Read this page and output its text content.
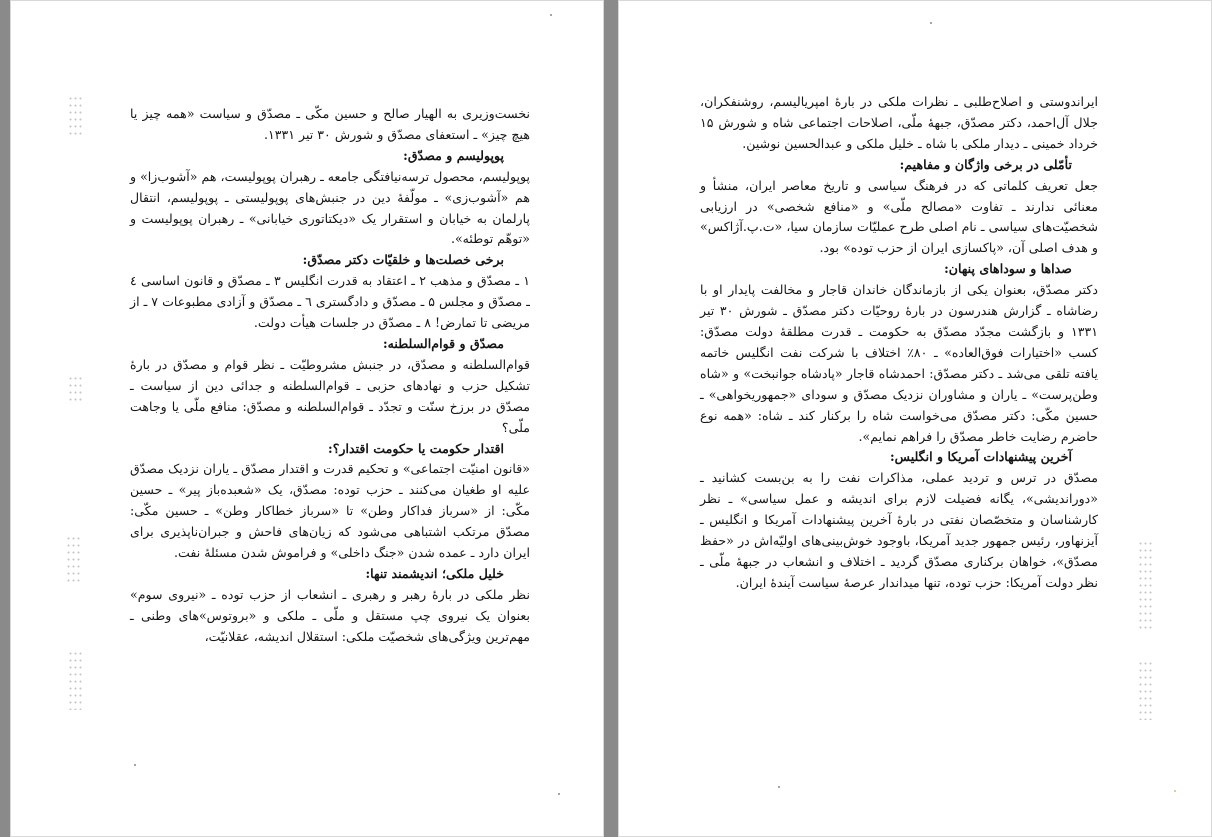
نخست‌وزیری به الهیار صالح و حسین مکّی ـ مصدّق و سیاست «همه چیز یا هیچ چیز» ـ استعفای مصدّق و شورش ۳۰ تیر ۱۳۳۱.

پوپولیسم و مصدّق:

پوپولیسم، محصول ترسه‌نیافتگی جامعه ـ رهبران پوپولیست، هم «آشوب‌زا» و هم «آشوب‌زی» ـ مولّفهٔ دین در جنبش‌های پوپولیستی ـ پوپولیسم، انتقال پارلمان به خیابان و استقرار یک «دیکتاتوری خیابانی» ـ رهبران پوپولیست و «توهّم توطئه».

برخی خصلت‌ها و خلقیّات دکتر مصدّق:

۱ ـ مصدّق و مذهب ۲ ـ اعتقاد به قدرت انگلیس ۳ ـ مصدّق و قانون اساسی ٤ ـ مصدّق و مجلس ۵ ـ مصدّق و دادگستری ٦ ـ مصدّق و آزادی مطبوعات ۷ ـ از مریضی تا تمارض! ۸ ـ مصدّق در جلسات هیأت دولت.

مصدّق و قوام‌السلطنه:

قوام‌السلطنه و مصدّق، در جنبش مشروطیّت ـ نظر قوام و مصدّق در بارهٔ تشکیل حزب و نهادهای حزبی ـ قوام‌السلطنه و جدائی دین از سیاست ـ مصدّق در برزخ سنّت و تجدّد ـ قوام‌السلطنه و مصدّق: منافع ملّی یا وجاهت ملّی؟

اقتدار حکومت یا حکومت اقتدار؟:

«قانون امنیّت اجتماعی» و تحکیم قدرت و اقتدار مصدّق ـ یاران نزدیک مصدّق علیه او طغیان می‌کنند ـ حزب توده: مصدّق، یک «شعبده‌باز پیر» ـ حسین مکّی: از «سرباز فداکار وطن» تا «سرباز خطاکار وطن» ـ حسین مکّی: مصدّق مرتکب اشتباهی می‌شود که زیان‌های فاحش و جبران‌ناپذیری برای ایران دارد ـ عمده شدن «جنگ داخلی» و فراموش شدن مسئلهٔ نفت.

خلیل ملکی؛ اندیشمند تنها:

نظر ملکی در بارهٔ رهبر و رهبری ـ انشعاب از حزب توده ـ «نیروی سوم» بعنوان یک نیروی چپ مستقل و ملّی ـ ملکی و «بروتوس»های وطنی ـ مهم‌ترین ویژگی‌های شخصیّت ملکی: استقلال اندیشه، عقلانیّت،

ایراندوستی و اصلاح‌طلبی ـ نظرات ملکی در بارهٔ امپریالیسم، روشنفکران، جلال آل‌احمد، دکتر مصدّق، جبههٔ ملّی، اصلاحات اجتماعی شاه و شورش ۱۵ خرداد خمینی ـ دیدار ملکی با شاه ـ خلیل ملکی و عبدالحسین نوشین.

تأمّلی در برخی واژگان و مفاهیم:

جعل تعریف کلماتی که در فرهنگ سیاسی و تاریخ معاصر ایران، منشأ و معنائی ندارند ـ تفاوت «مصالح ملّی» و «منافع شخصی» در ارزیابی شخصیّت‌های سیاسی ـ نام اصلی طرح عملیّات سازمان سیا، «ت.پ.آژاکس» و هدف اصلی آن، «پاکسازی ایران از حزب توده» بود.

صداها و سوداهای پنهان:

دکتر مصدّق، بعنوان یکی از بازماندگان خاندان قاجار و مخالفت پایدار او با رضاشاه ـ گزارش هندرسون در بارهٔ روحیّات دکتر مصدّق ـ شورش ۳۰ تیر ۱۳۳۱ و بازگشت مجدّد مصدّق به حکومت ـ قدرت مطلقهٔ دولت مصدّق: کسب «اختیارات فوق‌العاده» ـ ۸۰٪ اختلاف با شرکت نفت انگلیس خاتمه یافته تلقی می‌شد ـ دکتر مصدّق: احمدشاه قاجار «پادشاه جوانبخت» و «شاه وطن‌پرست» ـ یاران و مشاوران نزدیک مصدّق و سودای «جمهوریخواهی» ـ حسین مکّی: دکتر مصدّق می‌خواست شاه را برکنار کند ـ شاه: «همه نوع حاضرم رضایت خاطر مصدّق را فراهم نمایم».

آخرین پیشنهادات آمریکا و انگلیس:

مصدّق در ترس و تردید عملی، مذاکرات نفت را به بن‌بست کشانید ـ «دوراندیشی»، یگانه فضیلت لازم برای اندیشه و عمل سیاسی» ـ نظر کارشناسان و متخصّصان نفتی در بارهٔ آخرین پیشنهادات آمریکا و انگلیس ـ آیزنهاور، رئیس جمهور جدید آمریکا، باوجود خوش‌بینی‌های اولیّه‌اش در «حفظ مصدّق»، خواهان برکناری مصدّق گردید ـ اختلاف و انشعاب در جبههٔ ملّی ـ نظر دولت آمریکا: حزب توده، تنها میداندار عرصهٔ سیاست آیندهٔ ایران.
